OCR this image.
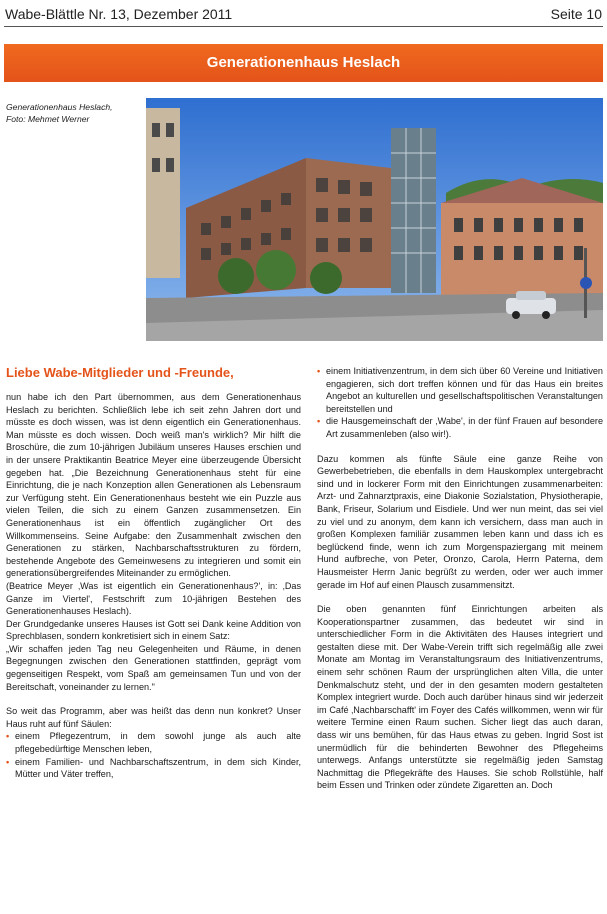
Wabe-Blättle Nr. 13, Dezember 2011	Seite 10
Generationenhaus Heslach
Generationenhaus Heslach,
Foto: Mehmet Werner
Liebe Wabe-Mitglieder und -Freunde,

nun habe ich den Part übernommen, aus dem Generationenhaus Heslach zu berichten. Schließlich lebe ich seit zehn Jahren dort und müsste es doch wissen, was ist denn eigentlich ein Generationenhaus. Man müsste es doch wissen. Doch weiß man's wirklich? Mir hilft die Broschüre, die zum 10-jährigen Jubiläum unseres Hauses erschien und in der unsere Praktikantin Beatrice Meyer eine überzeugende Übersicht gegeben hat. „Die Bezeichnung Generationenhaus steht für eine Einrichtung, die je nach Konzeption allen Generationen als Lebensraum zur Verfügung steht. Ein Generationenhaus besteht wie ein Puzzle aus vielen Teilen, die sich zu einem Ganzen zusammensetzen. Ein Generationenhaus ist ein öffentlich zugänglicher Ort des Willkommenseins. Seine Aufgabe: den Zusammenhalt zwischen den Generationen zu stärken, Nachbarschaftsstrukturen zu fördern, bestehende Angebote des Gemeinwesens zu integrieren und somit ein generationsübergreifendes Miteinander zu ermöglichen.

(Beatrice Meyer ‚Was ist eigentlich ein Generationenhaus?', in: ‚Das Ganze im Viertel', Festschrift zum 10-jährigen Bestehen des Generationenhauses Heslach).

Der Grundgedanke unseres Hauses ist Gott sei Dank keine Addition von Sprechblasen, sondern konkretisiert sich in einem Satz:

„Wir schaffen jeden Tag neu Gelegenheiten und Räume, in denen Begegnungen zwischen den Generationen stattfinden, geprägt vom gegenseitigen Respekt, vom Spaß am gemeinsamen Tun und von der Bereitschaft, voneinander zu lernen."

So weit das Programm, aber was heißt das denn nun konkret? Unser Haus ruht auf fünf Säulen:

• einem Pflegezentrum, in dem sowohl junge als auch alte pflegebedürftige Menschen leben,
• einem Familien- und Nachbarschaftszentrum, in dem sich Kinder, Mütter und Väter treffen,
• einem Initiativenzentrum, in dem sich über 60 Vereine und Initiativen engagieren, sich dort treffen können und für das Haus ein breites Angebot an kulturellen und gesellschaftspolitischen Veranstaltungen bereitstellen und
• die Hausgemeinschaft der ‚Wabe', in der fünf Frauen auf besondere Art zusammenleben (also wir!).

Dazu kommen als fünfte Säule eine ganze Reihe von Gewerbebetrieben, die ebenfalls in dem Hauskomplex untergebracht sind und in lockerer Form mit den Einrichtungen zusammenarbeiten: Arzt- und Zahnarztpraxis, eine Diakonie Sozialstation, Physiotherapie, Bank, Friseur, Solarium und Eisdiele. Und wer nun meint, das sei viel zu viel und zu anonym, dem kann ich versichern, dass man auch in großen Komplexen familiär zusammen leben kann und dass ich es beglückend finde, wenn ich zum Morgenspaziergang mit meinem Hund aufbreche, von Peter, Oronzo, Carola, Herrn Paterna, dem Hausmeister Herrn Janic begrüßt zu werden, oder wer auch immer gerade im Hof auf einen Plausch zusammensitzt.

Die oben genannten fünf Einrichtungen arbeiten als Kooperationspartner zusammen, das bedeutet wir sind in unterschiedlicher Form in die Aktivitäten des Hauses integriert und gestalten diese mit. Der Wabe-Verein trifft sich regelmäßig alle zwei Monate am Montag im Veranstaltungsraum des Initiativenzentrums, einem sehr schönen Raum der ursprünglichen alten Villa, die unter Denkmalschutz steht, und der in den gesamten modern gestalteten Komplex integriert wurde. Doch auch darüber hinaus sind wir jederzeit im Café ‚Nachbarschafft' im Foyer des Cafés willkommen, wenn wir für weitere Termine einen Raum suchen. Sicher liegt das auch daran, dass wir uns bemühen, für das Haus etwas zu geben. Ingrid Sost ist unermüdlich für die behinderten Bewohner des Pflegeheims unterwegs. Anfangs unterstützte sie regelmäßig jeden Samstag Nachmittag die Pflegekräfte des Hauses. Sie schob Rollstühle, half beim Essen und Trinken oder zündete Zigaretten an. Doch
